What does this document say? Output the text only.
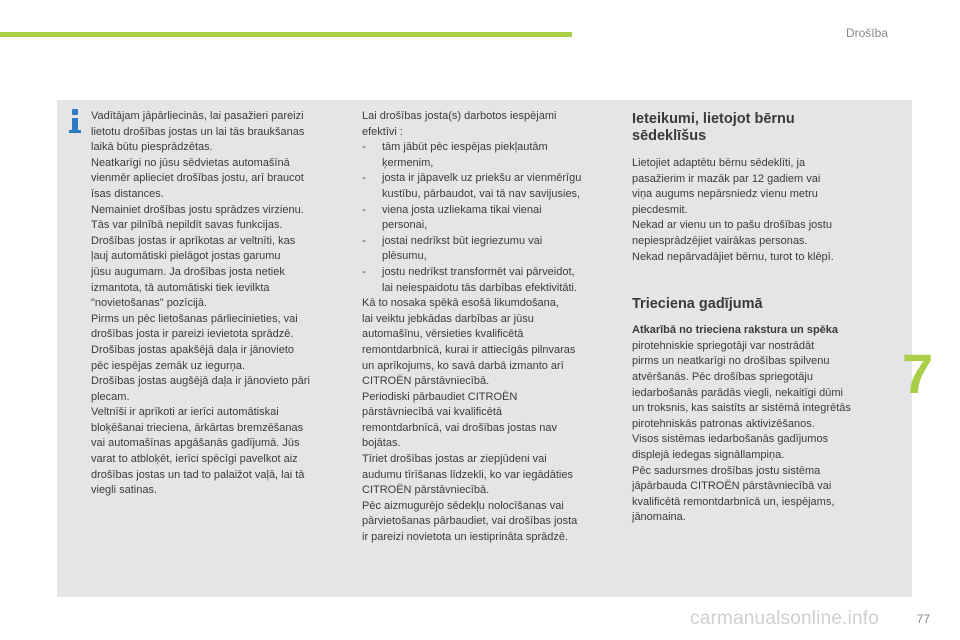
Drošība
Vadītājam jāpārliecinās, lai pasažieri pareizi
lietotu drošības jostas un lai tās braukšanas
laikā būtu piesprādzētas.
Neatkarīgi no jūsu sēdvietas automašīnā
vienmēr aplieciet drošības jostu, arī braucot
īsas distances.
Nemainiet drošības jostu sprādzes virzienu.
Tās var pilnībā nepildīt savas funkcijas.
Drošības jostas ir aprīkotas ar veltnīti, kas
ļauj automātiski pielāgot jostas garumu
jūsu augumam. Ja drošības josta netiek
izmantota, tā automātiski tiek ievilkta
"novietošanas" pozīcijā.
Pirms un pēc lietošanas pārliecinieties, vai
drošības josta ir pareizi ievietota sprādzē.
Drošības jostas apakšējā daļa ir jānovieto
pēc iespējas zemāk uz iegurņa.
Drošības jostas augšējā daļa ir jānovieto pāri
plecam.
Veltnīši ir aprīkoti ar ierīci automātiskai
bloķēšanai trieciena, ārkārtas bremzēšanas
vai automašīnas apgāšanās gadījumā. Jūs
varat to atbloķēt, ierīci spēcīgi pavelkot aiz
drošības jostas un tad to palaižot vaļā, lai tā
viegli satinas.
Lai drošības josta(s) darbotos iespējami
efektīvi :
-	tām jābūt pēc iespējas piekļautām
ķermenim,
-	josta ir jāpavelk uz priekšu ar vienmērīgu
kustību, pārbaudot, vai tā nav savijusies,
-	viena josta uzliekama tikai vienai
personai,
-	jostai nedrīkst būt iegriezumu vai
plēsumu,
-	jostu nedrīkst transformēt vai pārveidot,
lai neiespaidotu tās darbības efektivitāti.
Kā to nosaka spēkā esošā likumdošana,
lai veiktu jebkādas darbības ar jūsu
automašīnu, vērsieties kvalificētā
remontdarbnīcā, kurai ir attiecīgās pilnvaras
un aprīkojums, ko savā darbā izmanto arī
CITROËN pārstāvniecībā.
Periodiski pārbaudiet CITROËN
pārstāvniecībā vai kvalificētā
remontdarbnīcā, vai drošības jostas nav
bojātas.
Tīriet drošības jostas ar ziepjūdeni vai
audumu tīrīšanas līdzekli, ko var iegādāties
CITROËN pārstāvniecībā.
Pēc aizmugurējo sēdekļu nolocīšanas vai
pārvietošanas pārbaudiet, vai drošības josta
ir pareizi novietota un iestiprināta sprādzē.
Ieteikumi, lietojot bērnu
sēdeklīšus
Lietojiet adaptētu bērnu sēdeklīti, ja
pasažierim ir mazāk par 12 gadiem vai
viņa augums nepārsniedz vienu metru
piecdesmit.
Nekad ar vienu un to pašu drošības jostu
nepiesprādzējiet vairākas personas.
Nekad nepārvadājiet bērnu, turot to klēpī.
Trieciena gadījumā
Atkarībā no trieciena rakstura un spēka
pirotehniskie spriegotāji var nostrādāt
pirms un neatkarīgi no drošības spilvenu
atvēršanās. Pēc drošības spriegotāju
iedarbošanās parādās viegli, nekaitīgi dūmi
un troksnis, kas saistīts ar sistēmā integrētās
pirotehniskās patronas aktivizēšanos.
Visos sistēmas iedarbošanās gadījumos
displejā iedegas signāllampiņa.
Pēc sadursmes drošības jostu sistēma
jāpārbauda CITROËN pārstāvniecībā vai
kvalificētā remontdarbnīcā un, iespējams,
jānomaina.
7
carmanualsonline.info	77
